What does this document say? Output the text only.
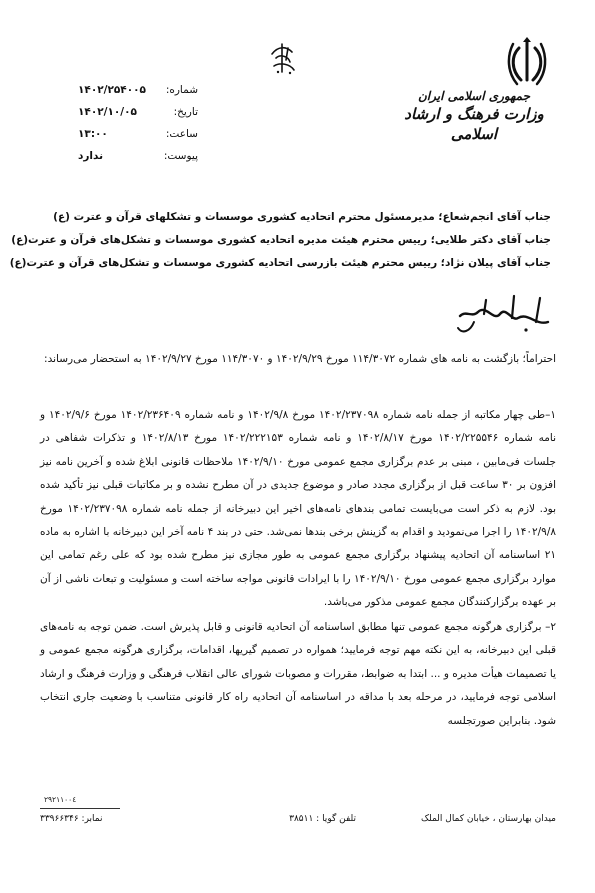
جمهوری اسلامی ایران
وزارت فرهنگ و ارشاد اسلامی
شماره:
۱۴۰۲/۲۵۴۰۰۵
تاریخ:
۱۴۰۲/۱۰/۰۵
ساعت:
۱۳:۰۰
پیوست:
ندارد
جناب آقای انجم‌شعاع؛ مدیرمسئول محترم اتحادیه کشوری موسسات و تشکلهای قرآن و عترت (ع)
جناب آقای دکتر طلایی؛ رییس محترم هیئت مدیره اتحادیه کشوری موسسات و تشکل‌های قرآن و عترت(ع)
جناب آقای پیلان نژاد؛ رییس محترم هیئت بازرسی اتحادیه کشوری موسسات و تشکل‌های قرآن و عترت(ع)

احتراماً؛ بازگشت به نامه های شماره ۱۱۴/۳۰۷۲ مورخ ۱۴۰۲/۹/۲۹ و ۱۱۴/۳۰۷۰ مورخ ۱۴۰۲/۹/۲۷ به استحضار می‌رساند:

۱–طی چهار مکاتبه از جمله نامه شماره ۱۴۰۲/۲۳۷۰۹۸ مورخ ۱۴۰۲/۹/۸ و نامه شماره ۱۴۰۲/۲۳۶۴۰۹ مورخ ۱۴۰۲/۹/۶ و نامه شماره ۱۴۰۲/۲۲۵۵۴۶ مورخ ۱۴۰۲/۸/۱۷ و نامه شماره ۱۴۰۲/۲۲۲۱۵۳ مورخ ۱۴۰۲/۸/۱۳ و تذکرات شفاهی در جلسات فی‌مابین ، مبنی بر عدم برگزاری مجمع عمومی مورخ ۱۴۰۲/۹/۱۰ ملاحظات قانونی ابلاغ شده و آخرین نامه نیز افزون بر ۳۰ ساعت قبل از برگزاری مجدد صادر و موضوع جدیدی در آن مطرح نشده و بر مکاتبات قبلی نیز تأکید شده بود. لازم به ذکر است می‌بایست تمامی بندهای نامه‌های اخیر این دبیرخانه از جمله نامه شماره ۱۴۰۲/۲۳۷۰۹۸ مورخ ۱۴۰۲/۹/۸ را اجرا می‌نمودید و اقدام به گزینش برخی بندها نمی‌شد. حتی در بند ۴ نامه آخر این دبیرخانه با اشاره به ماده ۲۱ اساسنامه آن اتحادیه پیشنهاد برگزاری مجمع عمومی به طور مجازی نیز مطرح شده بود که علی رغم تمامی این موارد برگزاری مجمع عمومی مورخ ۱۴۰۲/۹/۱۰ را با ایرادات قانونی مواجه ساخته است و مسئولیت و تبعات ناشی از آن بر عهده برگزارکنندگان مجمع عمومی مذکور می‌باشد.

۲– برگزاری هرگونه مجمع عمومی تنها مطابق اساسنامه آن اتحادیه قانونی و قابل پذیرش است. ضمن توجه به نامه‌های قبلی این دبیرخانه، به این نکته مهم توجه فرمایید؛ همواره در تصمیم گیریها، اقدامات، برگزاری هرگونه مجمع عمومی و یا تصمیمات هیأت مدیره و ... ابتدا به ضوابط، مقررات و مصوبات شورای عالی انقلاب فرهنگی و وزارت فرهنگ و ارشاد اسلامی توجه فرمایید، در مرحله بعد با مداقه در اساسنامه آن اتحادیه راه کار قانونی متناسب با وضعیت جاری انتخاب شود. بنابراین صورتجلسه

۲۹۲۱۱۰۰٤
میدان بهارستان ، خیابان کمال الملک
تلفن گویا : ۳۸۵۱۱
نمابر: ۳۳۹۶۶۳۴۶
